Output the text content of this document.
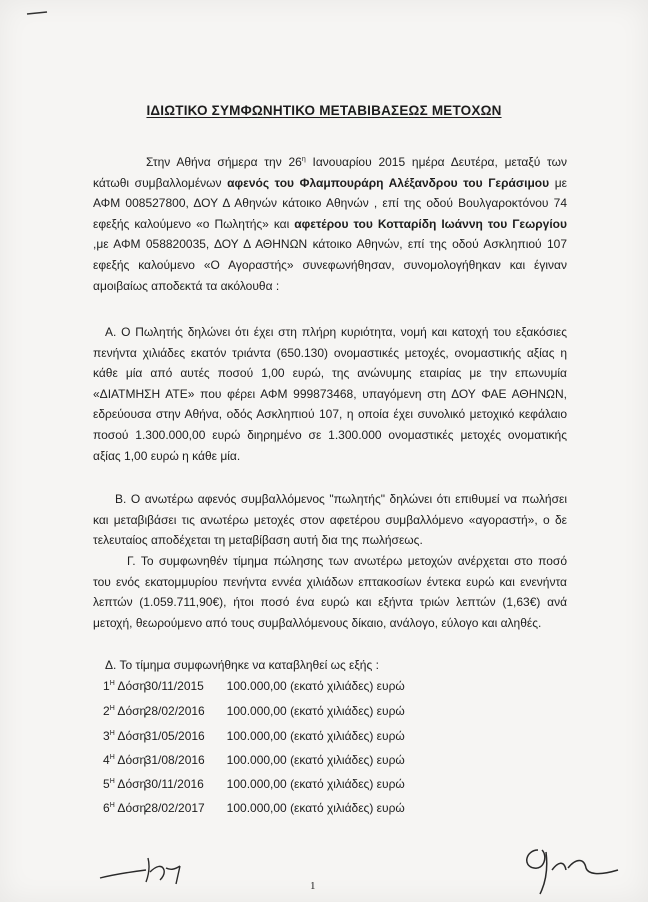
ΙΔΙΩΤΙΚΟ ΣΥΜΦΩΝΗΤΙΚΟ ΜΕΤΑΒΙΒΑΣΕΩΣ ΜΕΤΟΧΩΝ
Στην Αθήνα σήμερα την $26^\eta$ Ιανουαρίου 2015 ημέρα Δευτέρα, μεταξύ των κάτωθι συμβαλλομένων αφενός του Φλαμπουράρη Αλέξανδρου του Γεράσιμου με ΑΦΜ 008527800, ΔΟΥ Δ Αθηνών κάτοικο Αθηνών , επί της οδού Βουλγαροκτόνου 74 εφεξής καλούμενο «ο Πωλητής» και αφετέρου του Κοτταρίδη Ιωάννη του Γεωργίου ,με ΑΦΜ 058820035, ΔΟΥ Δ ΑΘΗΝΩΝ κάτοικο Αθηνών, επί της οδού Ασκληπιού 107 εφεξής καλούμενο «Ο Αγοραστής» συνεφωνήθησαν, συνομολογήθηκαν και έγιναν αμοιβαίως αποδεκτά τα ακόλουθα :
Α. Ο Πωλητής δηλώνει ότι έχει στη πλήρη κυριότητα, νομή και κατοχή του εξακόσιες πενήντα χιλιάδες εκατόν τριάντα (650.130) ονομαστικές μετοχές, ονομαστικής αξίας η κάθε μία από αυτές ποσού 1,00 ευρώ, της ανώνυμης εταιρίας με την επωνυμία «ΔΙΑΤΜΗΣΗ ΑΤΕ» που φέρει ΑΦΜ 999873468, υπαγόμενη στη ΔΟΥ ΦΑΕ ΑΘΗΝΩΝ, εδρεύουσα στην Αθήνα, οδός Ασκληπιού 107, η οποία έχει συνολικό μετοχικό κεφάλαιο ποσού 1.300.000,00 ευρώ διηρημένο σε 1.300.000 ονομαστικές μετοχές ονοματικής αξίας 1,00 ευρώ η κάθε μία.
Β. Ο ανωτέρω αφενός συμβαλλόμενος "πωλητής" δηλώνει ότι επιθυμεί να πωλήσει και μεταβιβάσει τις ανωτέρω μετοχές στον αφετέρου συμβαλλόμενο «αγοραστή», ο δε τελευταίος αποδέχεται τη μεταβίβαση αυτή δια της πωλήσεως.
Γ. Το συμφωνηθέν τίμημα πώλησης των ανωτέρω μετοχών ανέρχεται στο ποσό του ενός εκατομμυρίου πενήντα εννέα χιλιάδων επτακοσίων έντεκα ευρώ και ενενήντα λεπτών (1.059.711,90€), ήτοι ποσό ένα ευρώ και εξήντα τριών λεπτών (1,63€) ανά μετοχή, θεωρούμενο από τους συμβαλλόμενους δίκαιο, ανάλογο, εύλογο και αληθές.
Δ. Το τίμημα συμφωνήθηκε να καταβληθεί ως εξής :
$1^H$ Δόση  30/11/2015 100.000,00 (εκατό χιλιάδες) ευρώ
$2^H$ Δόση  28/02/2016 100.000,00 (εκατό χιλιάδες) ευρώ
$3^H$ Δόση  31/05/2016 100.000,00 (εκατό χιλιάδες) ευρώ
$4^H$ Δόση  31/08/2016 100.000,00 (εκατό χιλιάδες) ευρώ
$5^H$ Δόση  30/11/2016 100.000,00 (εκατό χιλιάδες) ευρώ
$6^H$ Δόση  28/02/2017 100.000,00 (εκατό χιλιάδες) ευρώ
1
